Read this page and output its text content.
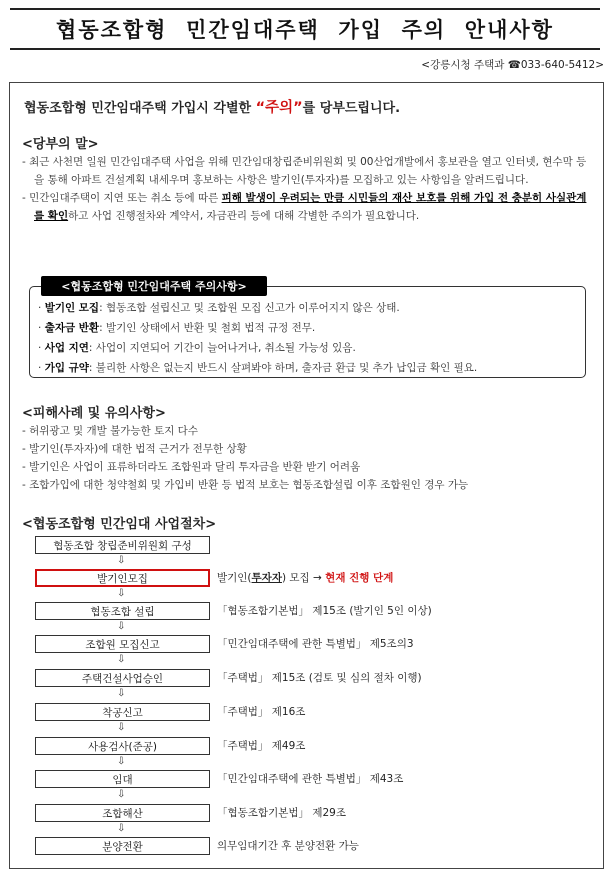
협동조합형  민간임대주택  가입  주의  안내사항
<강릉시청 주택과 ☎033-640-5412>
협동조합형 민간임대주택 가입시 각별한 “주의”를 당부드립니다.
<당부의 말>
- 최근 사천면 일원 민간임대주택 사업을 위해 민간임대창립준비위원회 및 00산업개발에서 홍보관을 열고 인터넷, 현수막 등을 통해 아파트 건설계획 내세우며 홍보하는 사항은 발기인(투자자)를 모집하고 있는 사항임을 알려드립니다.
- 민간임대주택이 지연 또는 취소 등에 따른 피해 발생이 우려되는 만큼 시민들의 재산 보호를 위해 가입 전 충분히 사실관계를 확인하고 사업 진행절차와 계약서, 자금관리 등에 대해 각별한 주의가 필요합니다.
<협동조합형 민간임대주택 주의사항>
· 발기인 모집: 협동조합 설립신고 및 조합원 모집 신고가 이루어지지 않은 상태.
· 출자금 반환: 발기인 상태에서 반환 및 철회 법적 규정 전무.
· 사업 지연: 사업이 지연되어 기간이 늘어나거나, 취소될 가능성 있음.
· 가입 규약: 불리한 사항은 없는지 반드시 살펴봐야 하며, 출자금 환급 및 추가 납입금 확인 필요.
<피해사례 및 유의사항>
- 허위광고 및 개발 불가능한 토지 다수
- 발기인(투자자)에 대한 법적 근거가 전무한 상황
- 발기인은 사업이 표류하더라도 조합원과 달리 투자금을 반환 받기 어려움
- 조합가입에 대한 청약철회 및 가입비 반환 등 법적 보호는 협동조합설립 이후 조합원인 경우 가능
<협동조합형 민간임대 사업절차>
협동조합 창립준비위원회 구성
⇩
발기인모집	발기인(투자자) 모집 → 현재 진행 단계
⇩
협동조합 설립	「협동조합기본법」 제15조 (발기인 5인 이상)
⇩
조합원 모집신고	「민간임대주택에 관한 특별법」 제5조의3
⇩
주택건설사업승인	「주택법」 제15조 (검토 및 심의 절차 이행)
⇩
착공신고	「주택법」 제16조
⇩
사용검사(준공)	「주택법」 제49조
⇩
임대	「민간임대주택에 관한 특별법」 제43조
⇩
조합해산	「협동조합기본법」 제29조
⇩
분양전환	의무임대기간 후 분양전환 가능
